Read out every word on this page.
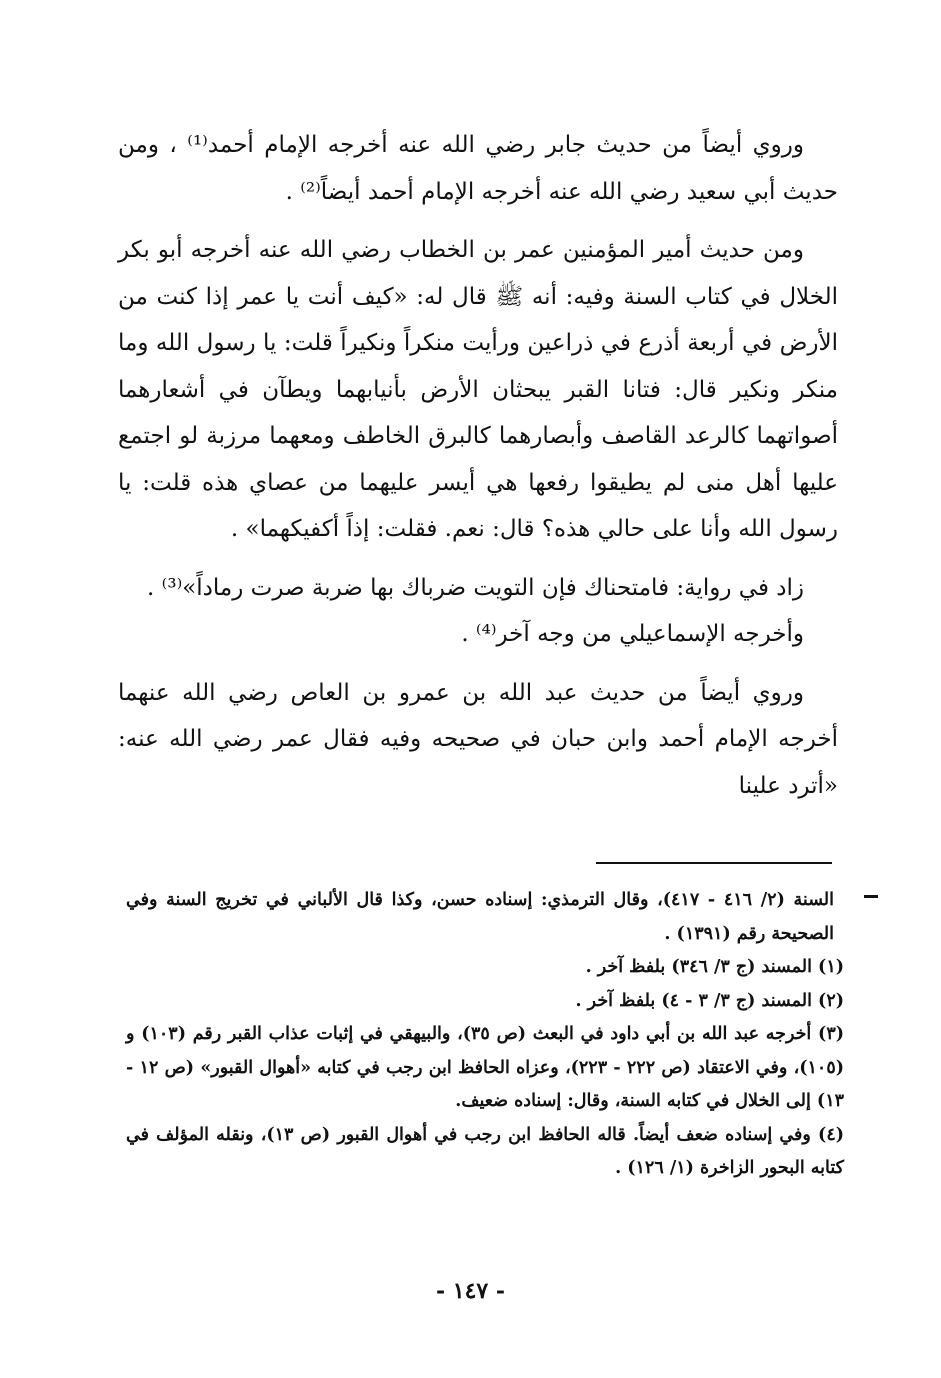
وروي أيضاً من حديث جابر رضي الله عنه أخرجه الإمام أحمد⁽¹⁾ ، ومن حديث أبي سعيد رضي الله عنه أخرجه الإمام أحمد أيضاً⁽²⁾ .

ومن حديث أمير المؤمنين عمر بن الخطاب رضي الله عنه أخرجه أبو بكر الخلال في كتاب السنة وفيه: أنه ﷺ قال له: «كيف أنت يا عمر إذا كنت من الأرض في أربعة أذرع في ذراعين ورأيت منكراً ونكيراً قلت: يا رسول الله وما منكر ونكير قال: فتانا القبر يبحثان الأرض بأنيابهما ويطآن في أشعارهما أصواتهما كالرعد القاصف وأبصارهما كالبرق الخاطف ومعهما مرزبة لو اجتمع عليها أهل منى لم يطيقوا رفعها هي أيسر عليهما من عصاي هذه قلت: يا رسول الله وأنا على حالي هذه؟ قال: نعم. فقلت: إذاً أكفيكهما» .

زاد في رواية: فامتحناك فإن التويت ضرباك بها ضربة صرت رماداً»⁽³⁾ .

وأخرجه الإسماعيلي من وجه آخر⁽⁴⁾ .

وروي أيضاً من حديث عبد الله بن عمرو بن العاص رضي الله عنهما أخرجه الإمام أحمد وابن حبان في صحيحه وفيه فقال عمر رضي الله عنه: «أترد علينا

السنة (٢/ ٤١٦ - ٤١٧)، وقال الترمذي: إسناده حسن، وكذا قال الألباني في تخريج السنة وفي الصحيحة رقم (١٣٩١) .

(١) المسند (ج ٣/ ٣٤٦) بلفظ آخر .

(٢) المسند (ج ٣/ ٣ - ٤) بلفظ آخر .

(٣) أخرجه عبد الله بن أبي داود في البعث (ص ٣٥)، والبيهقي في إثبات عذاب القبر رقم (١٠٣) و (١٠٥)، وفي الاعتقاد (ص ٢٢٢ - ٢٢٣)، وعزاه الحافظ ابن رجب في كتابه «أهوال القبور» (ص ١٢ - ١٣) إلى الخلال في كتابه السنة، وقال: إسناده ضعيف.

(٤) وفي إسناده ضعف أيضاً. قاله الحافظ ابن رجب في أهوال القبور (ص ١٣)، ونقله المؤلف في كتابه البحور الزاخرة (١/ ١٢٦) .

- ١٤٧ -
